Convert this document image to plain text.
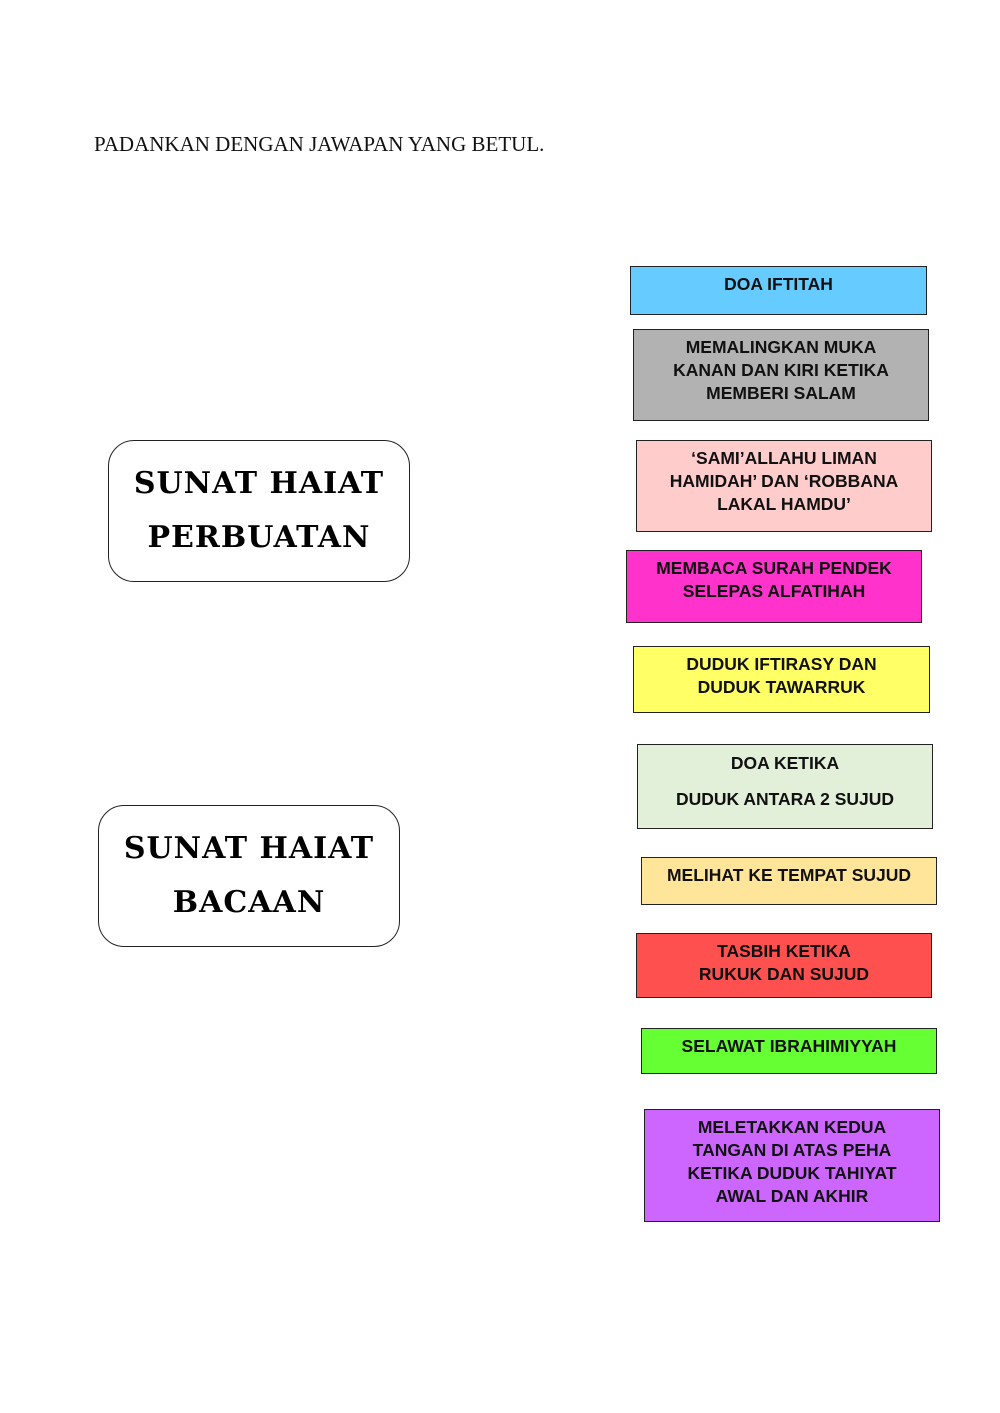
PADANKAN DENGAN JAWAPAN YANG BETUL.
SUNAT HAIAT
PERBUATAN
SUNAT HAIAT
BACAAN
DOA IFTITAH
MEMALINGKAN MUKA
KANAN DAN KIRI KETIKA
MEMBERI SALAM
‘SAMI’ALLAHU LIMAN
HAMIDAH’ DAN ‘ROBBANA
LAKAL HAMDU’
MEMBACA SURAH PENDEK
SELEPAS ALFATIHAH
DUDUK IFTIRASY DAN
DUDUK TAWARRUK
DOA KETIKA
DUDUK ANTARA 2 SUJUD
MELIHAT KE TEMPAT SUJUD
TASBIH KETIKA
RUKUK DAN SUJUD
SELAWAT IBRAHIMIYYAH
MELETAKKAN KEDUA
TANGAN DI ATAS PEHA
KETIKA DUDUK TAHIYAT
AWAL DAN AKHIR
